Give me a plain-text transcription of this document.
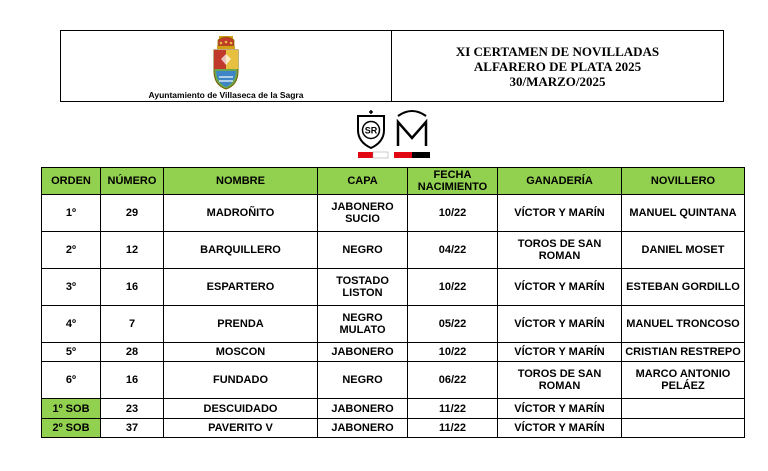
Ayuntamiento de Villaseca de la Sagra
XI CERTAMEN DE NOVILLADAS
ALFARERO DE PLATA 2025
30/MARZO/2025
SR
ORDEN	NÚMERO	NOMBRE	CAPA	FECHA NACIMIENTO	GANADERÍA	NOVILLERO
1º	29	MADROÑITO	JABONERO SUCIO	10/22	VÍCTOR Y MARÍN	MANUEL QUINTANA
2º	12	BARQUILLERO	NEGRO	04/22	TOROS DE SAN ROMAN	DANIEL MOSET
3º	16	ESPARTERO	TOSTADO LISTON	10/22	VÍCTOR Y MARÍN	ESTEBAN GORDILLO
4º	7	PRENDA	NEGRO MULATO	05/22	VÍCTOR Y MARÍN	MANUEL TRONCOSO
5º	28	MOSCON	JABONERO	10/22	VÍCTOR Y MARÍN	CRISTIAN RESTREPO
6º	16	FUNDADO	NEGRO	06/22	TOROS DE SAN ROMAN	MARCO ANTONIO PELÁEZ
1º SOB	23	DESCUIDADO	JABONERO	11/22	VÍCTOR Y MARÍN	
2º SOB	37	PAVERITO V	JABONERO	11/22	VÍCTOR Y MARÍN	
